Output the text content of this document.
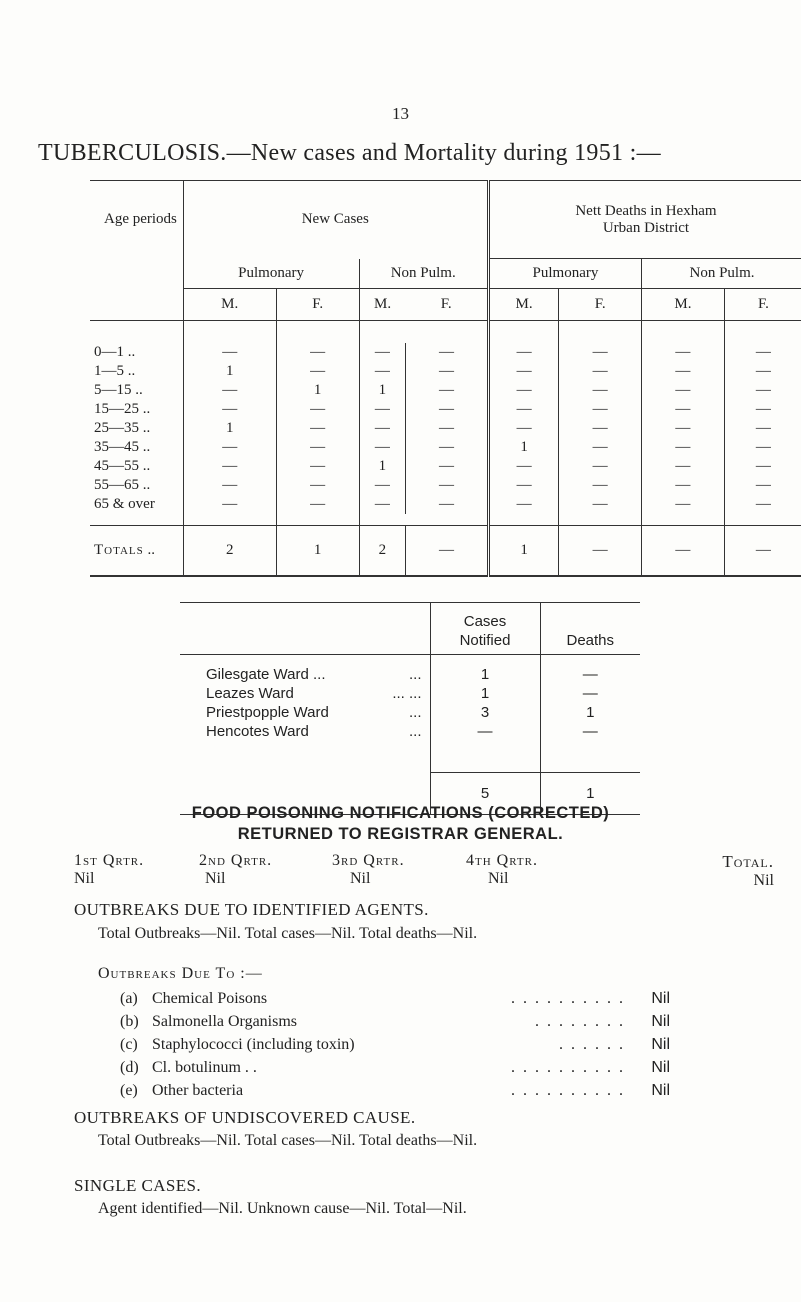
13
TUBERCULOSIS.—New cases and Mortality during 1951 :—
Age periods	New Cases				Nett Deaths in Hexham
Urban District			

	Pulmonary		Non Pulm.		Pulmonary		Non Pulm.	
	M.	F.	M.	F.	M.	F.	M.	F.

0—1 ..	—	—	—	—	—	—	—	—
1—5 ..	1	—	—	—	—	—	—	—
5—15 ..	—	1	1	—	—	—	—	—
15—25 ..	—	—	—	—	—	—	—	—
25—35 ..	1	—	—	—	—	—	—	—
35—45 ..	—	—	—	—	1	—	—	—
45—55 ..	—	—	1	—	—	—	—	—
55—65 ..	—	—	—	—	—	—	—	—
65 & over	—	—	—	—	—	—	—	—

Totals ..	2	1	2	—	1	—	—	—

	Cases
Notified	Deaths

Gilesgate Ward ... ...	1	—
Leazes Ward ... ...	1	—
Priestpopple Ward ...	3	1
Hencotes Ward ...	—	—

	5	1
FOOD POISONING NOTIFICATIONS (CORRECTED)
RETURNED TO REGISTRAR GENERAL.
1st Qrtr.
Nil
2nd Qrtr.
Nil
3rd Qrtr.
Nil
4th Qrtr.
Nil
Total.
Nil
OUTBREAKS DUE TO IDENTIFIED AGENTS.
Total Outbreaks—Nil. Total cases—Nil. Total deaths—Nil.
Outbreaks Due To :—
(a) Chemical Poisons	. . . . . . . . . . Nil
(b) Salmonella Organisms	. . . . . . . . Nil
(c) Staphylococci (including toxin)	. . . . . . Nil
(d) Cl. botulinum . .	. . . . . . . . . . Nil
(e) Other bacteria	. . . . . . . . . . Nil
OUTBREAKS OF UNDISCOVERED CAUSE.
Total Outbreaks—Nil. Total cases—Nil. Total deaths—Nil.
SINGLE CASES.
Agent identified—Nil. Unknown cause—Nil. Total—Nil.
